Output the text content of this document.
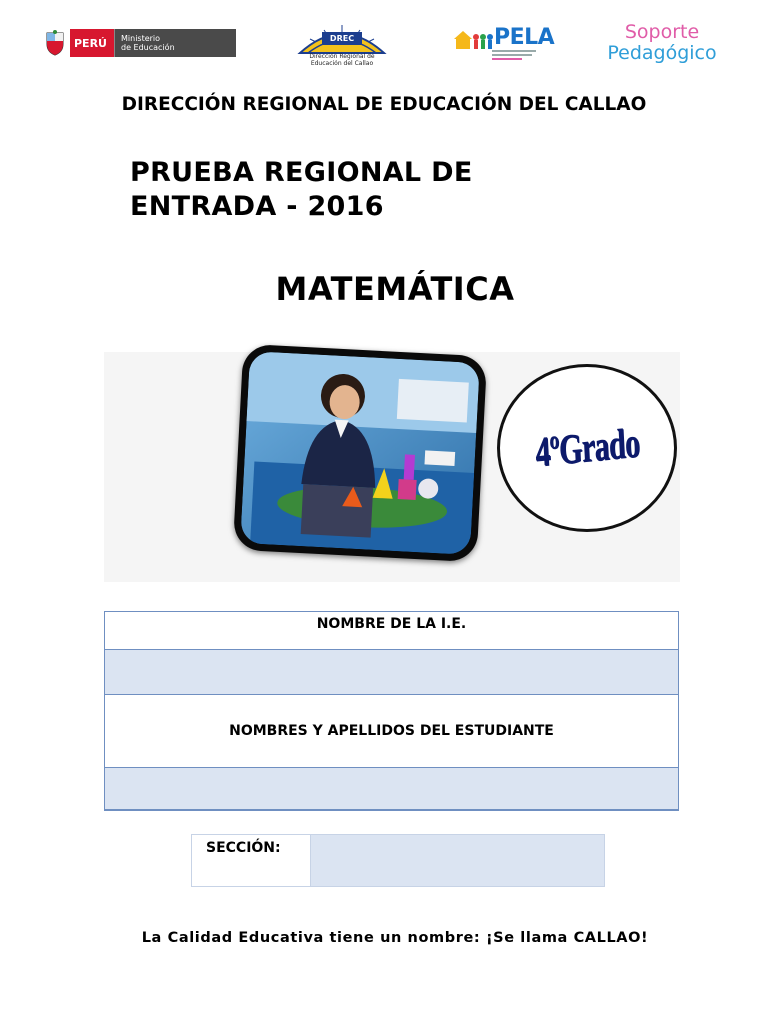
PERÚ	Ministerio
de Educación
DREC
Dirección Regional de
Educación del Callao
PELA	Soporte
Pedagógico
DIRECCIÓN REGIONAL DE EDUCACIÓN DEL CALLAO
PRUEBA REGIONAL DE
ENTRADA - 2016
MATEMÁTICA
4ºGrado
NOMBRE DE LA I.E.
NOMBRES Y APELLIDOS DEL ESTUDIANTE
SECCIÓN:
La Calidad Educativa tiene un nombre: ¡Se llama CALLAO!
